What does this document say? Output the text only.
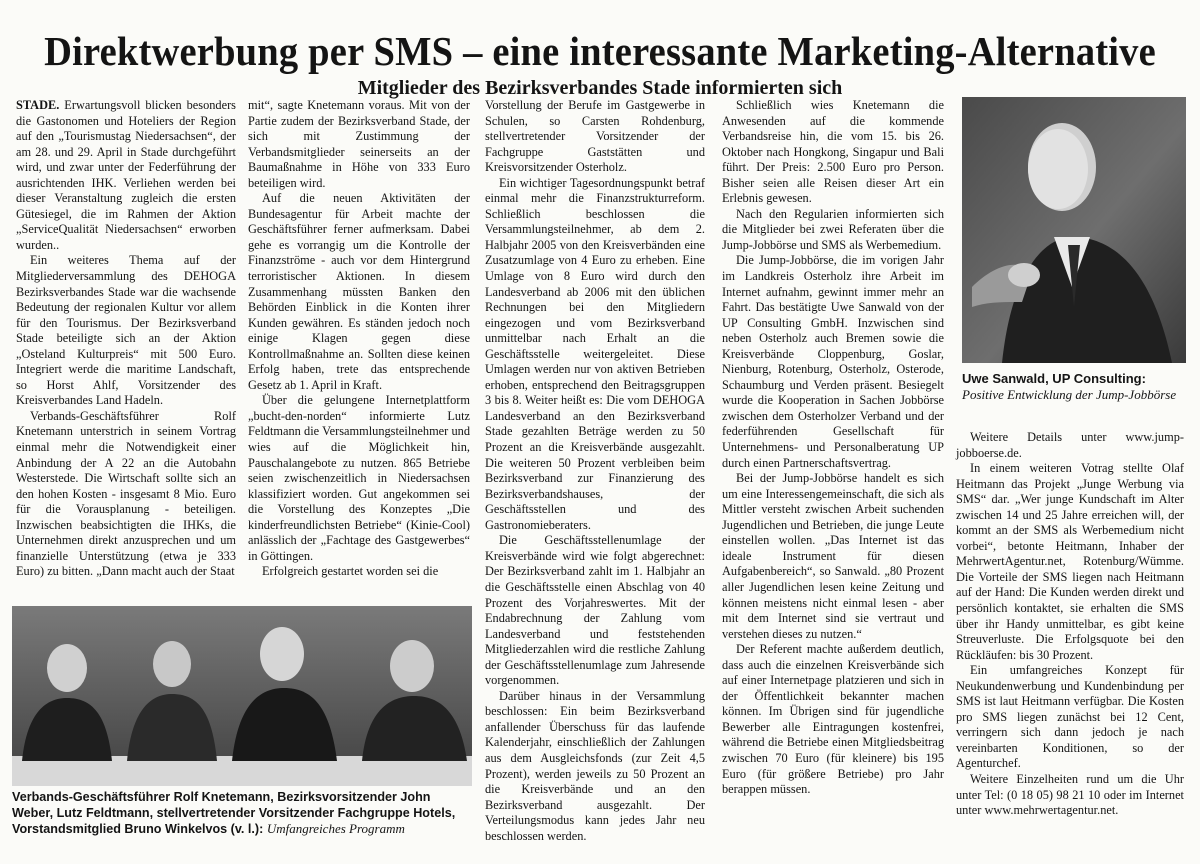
Direktwerbung per SMS – eine interessante Marketing-Alternative
Mitglieder des Bezirksverbandes Stade informierten sich

STADE. Erwartungsvoll blicken besonders die Gastonomen und Hoteliers der Region auf den „Tourismustag Niedersachsen“, der am 28. und 29. April in Stade durchgeführt wird, und zwar unter der Federführung der ausrichtenden IHK. Verliehen werden bei dieser Veranstaltung zugleich die ersten Gütesiegel, die im Rahmen der Aktion „ServiceQualität Niedersachsen“ erworben wurden..

Ein weiteres Thema auf der Mitgliederversammlung des DEHOGA Bezirksverbandes Stade war die wachsende Bedeutung der regionalen Kultur vor allem für den Tourismus. Der Bezirksverband Stade beteiligte sich an der Aktion „Osteland Kulturpreis“ mit 500 Euro. Integriert werde die maritime Landschaft, so Horst Ahlf, Vorsitzender des Kreisverbandes Land Hadeln.

Verbands-Geschäftsführer Rolf Knetemann unterstrich in seinem Vortrag einmal mehr die Notwendigkeit einer Anbindung der A 22 an die Autobahn Westerstede. Die Wirtschaft sollte sich an den hohen Kosten - insgesamt 8 Mio. Euro für die Vorausplanung - beteiligen. Inzwischen beabsichtigten die IHKs, die Unternehmen direkt anzusprechen und um finanzielle Unterstützung (etwa je 333 Euro) zu bitten. „Dann macht auch der Staat

mit“, sagte Knetemann voraus. Mit von der Partie zudem der Bezirksverband Stade, der sich mit Zustimmung der Verbandsmitglieder seinerseits an der Baumaßnahme in Höhe von 333 Euro beteiligen wird.

Auf die neuen Aktivitäten der Bundesagentur für Arbeit machte der Geschäftsführer ferner aufmerksam. Dabei gehe es vorrangig um die Kontrolle der Finanzströme - auch vor dem Hintergrund terroristischer Aktionen. In diesem Zusammenhang müssten Banken den Behörden Einblick in die Konten ihrer Kunden gewähren. Es ständen jedoch noch einige Klagen gegen diese Kontrollmaßnahme an. Sollten diese keinen Erfolg haben, trete das entsprechende Gesetz ab 1. April in Kraft.

Über die gelungene Internetplattform „bucht-den-norden“ informierte Lutz Feldtmann die Versammlungsteilnehmer und wies auf die Möglichkeit hin, Pauschalangebote zu nutzen. 865 Betriebe seien zwischenzeitlich in Niedersachsen klassifiziert worden. Gut angekommen sei die Vorstellung des Konzeptes „Die kinderfreundlichsten Betriebe“ (Kinie-Cool) anlässlich der „Fachtage des Gastgewerbes“ in Göttingen.

Erfolgreich gestartet worden sei die

Vorstellung der Berufe im Gastgewerbe in Schulen, so Carsten Rohdenburg, stellvertretender Vorsitzender der Fachgruppe Gaststätten und Kreisvorsitzender Osterholz.

Ein wichtiger Tagesordnungspunkt betraf einmal mehr die Finanzstrukturreform. Schließlich beschlossen die Versammlungsteilnehmer, ab dem 2. Halbjahr 2005 von den Kreisverbänden eine Zusatzumlage von 4 Euro zu erheben. Eine Umlage von 8 Euro wird durch den Landesverband ab 2006 mit den üblichen Rechnungen bei den Mitgliedern eingezogen und vom Bezirksverband unmittelbar nach Erhalt an die Geschäftsstelle weitergeleitet. Diese Umlagen werden nur von aktiven Betrieben erhoben, entsprechend den Beitragsgruppen 3 bis 8. Weiter heißt es: Die vom DEHOGA Landesverband an den Bezirksverband Stade gezahlten Beträge werden zu 50 Prozent an die Kreisverbände ausgezahlt. Die weiteren 50 Prozent verbleiben beim Bezirksverband zur Finanzierung des Bezirksverbandshauses, der Geschäftsstellen und des Gastronomieberaters.

Die Geschäftsstellenumlage der Kreisverbände wird wie folgt abgerechnet: Der Bezirksverband zahlt im 1. Halbjahr an die Geschäftsstelle einen Abschlag von 40 Prozent des Vorjahreswertes. Mit der Endabrechnung der Zahlung vom Landesverband und feststehenden Mitgliederzahlen wird die restliche Zahlung der Geschäftsstellenumlage zum Jahresende vorgenommen.

Darüber hinaus in der Versammlung beschlossen: Ein beim Bezirksverband anfallender Überschuss für das laufende Kalenderjahr, einschließlich der Zahlungen aus dem Ausgleichsfonds (zur Zeit 4,5 Prozent), werden jeweils zu 50 Prozent an die Kreisverbände und an den Bezirksverband ausgezahlt. Der Verteilungsmodus kann jedes Jahr neu beschlossen werden.

Schließlich wies Knetemann die Anwesenden auf die kommende Verbandsreise hin, die vom 15. bis 26. Oktober nach Hongkong, Singapur und Bali führt. Der Preis: 2.500 Euro pro Person. Bisher seien alle Reisen dieser Art ein Erlebnis gewesen.

Nach den Regularien informierten sich die Mitglieder bei zwei Referaten über die Jump-Jobbörse und SMS als Werbemedium.

Die Jump-Jobbörse, die im vorigen Jahr im Landkreis Osterholz ihre Arbeit im Internet aufnahm, gewinnt immer mehr an Fahrt. Das bestätigte Uwe Sanwald von der UP Consulting GmbH. Inzwischen sind neben Osterholz auch Bremen sowie die Kreisverbände Cloppenburg, Goslar, Nienburg, Rotenburg, Osterholz, Osterode, Schaumburg und Verden präsent. Besiegelt wurde die Kooperation in Sachen Jobbörse zwischen dem Osterholzer Verband und der federführenden Gesellschaft für Unternehmens- und Personalberatung UP durch einen Partnerschaftsvertrag.

Bei der Jump-Jobbörse handelt es sich um eine Interessengemeinschaft, die sich als Mittler versteht zwischen Arbeit suchenden Jugendlichen und Betrieben, die junge Leute einstellen wollen. „Das Internet ist das ideale Instrument für diesen Aufgabenbereich“, so Sanwald. „80 Prozent aller Jugendlichen lesen keine Zeitung und können meistens nicht einmal lesen - aber mit dem Internet sind sie vertraut und verstehen dieses zu nutzen.“

Der Referent machte außerdem deutlich, dass auch die einzelnen Kreisverbände sich auf einer Internetpage platzieren und sich in der Öffentlichkeit bekannter machen können. Im Übrigen sind für jugendliche Bewerber alle Eintragungen kostenfrei, während die Betriebe einen Mitgliedsbeitrag zwischen 70 Euro (für kleinere) bis 195 Euro (für größere Betriebe) pro Jahr berappen müssen.

Uwe Sanwald, UP Consulting:
Positive Entwicklung der Jump-Jobbörse

Weitere Details unter www.jump-jobboerse.de.

In einem weiteren Votrag stellte Olaf Heitmann das Projekt „Junge Werbung via SMS“ dar. „Wer junge Kundschaft im Alter zwischen 14 und 25 Jahre erreichen will, der kommt an der SMS als Werbemedium nicht vorbei“, betonte Heitmann, Inhaber der MehrwertAgentur.net, Rotenburg/Wümme. Die Vorteile der SMS liegen nach Heitmann auf der Hand: Die Kunden werden direkt und persönlich kontaktet, sie erhalten die SMS über ihr Handy unmittelbar, es gibt keine Streuverluste. Die Erfolgsquote bei den Rückläufen: bis 30 Prozent.

Ein umfangreiches Konzept für Neukundenwerbung und Kundenbindung per SMS ist laut Heitmann verfügbar. Die Kosten pro SMS liegen zunächst bei 12 Cent, verringern sich dann jedoch je nach vereinbarten Konditionen, so der Agenturchef.

Weitere Einzelheiten rund um die Uhr unter Tel: (0 18 05) 98 21 10 oder im Internet unter www.mehrwertagentur.net.

Verbands-Geschäftsführer Rolf Knetemann, Bezirksvorsitzender John Weber, Lutz Feldtmann, stellvertretender Vorsitzender Fachgruppe Hotels, Vorstandsmitglied Bruno Winkelvos (v. l.): Umfangreiches Programm
